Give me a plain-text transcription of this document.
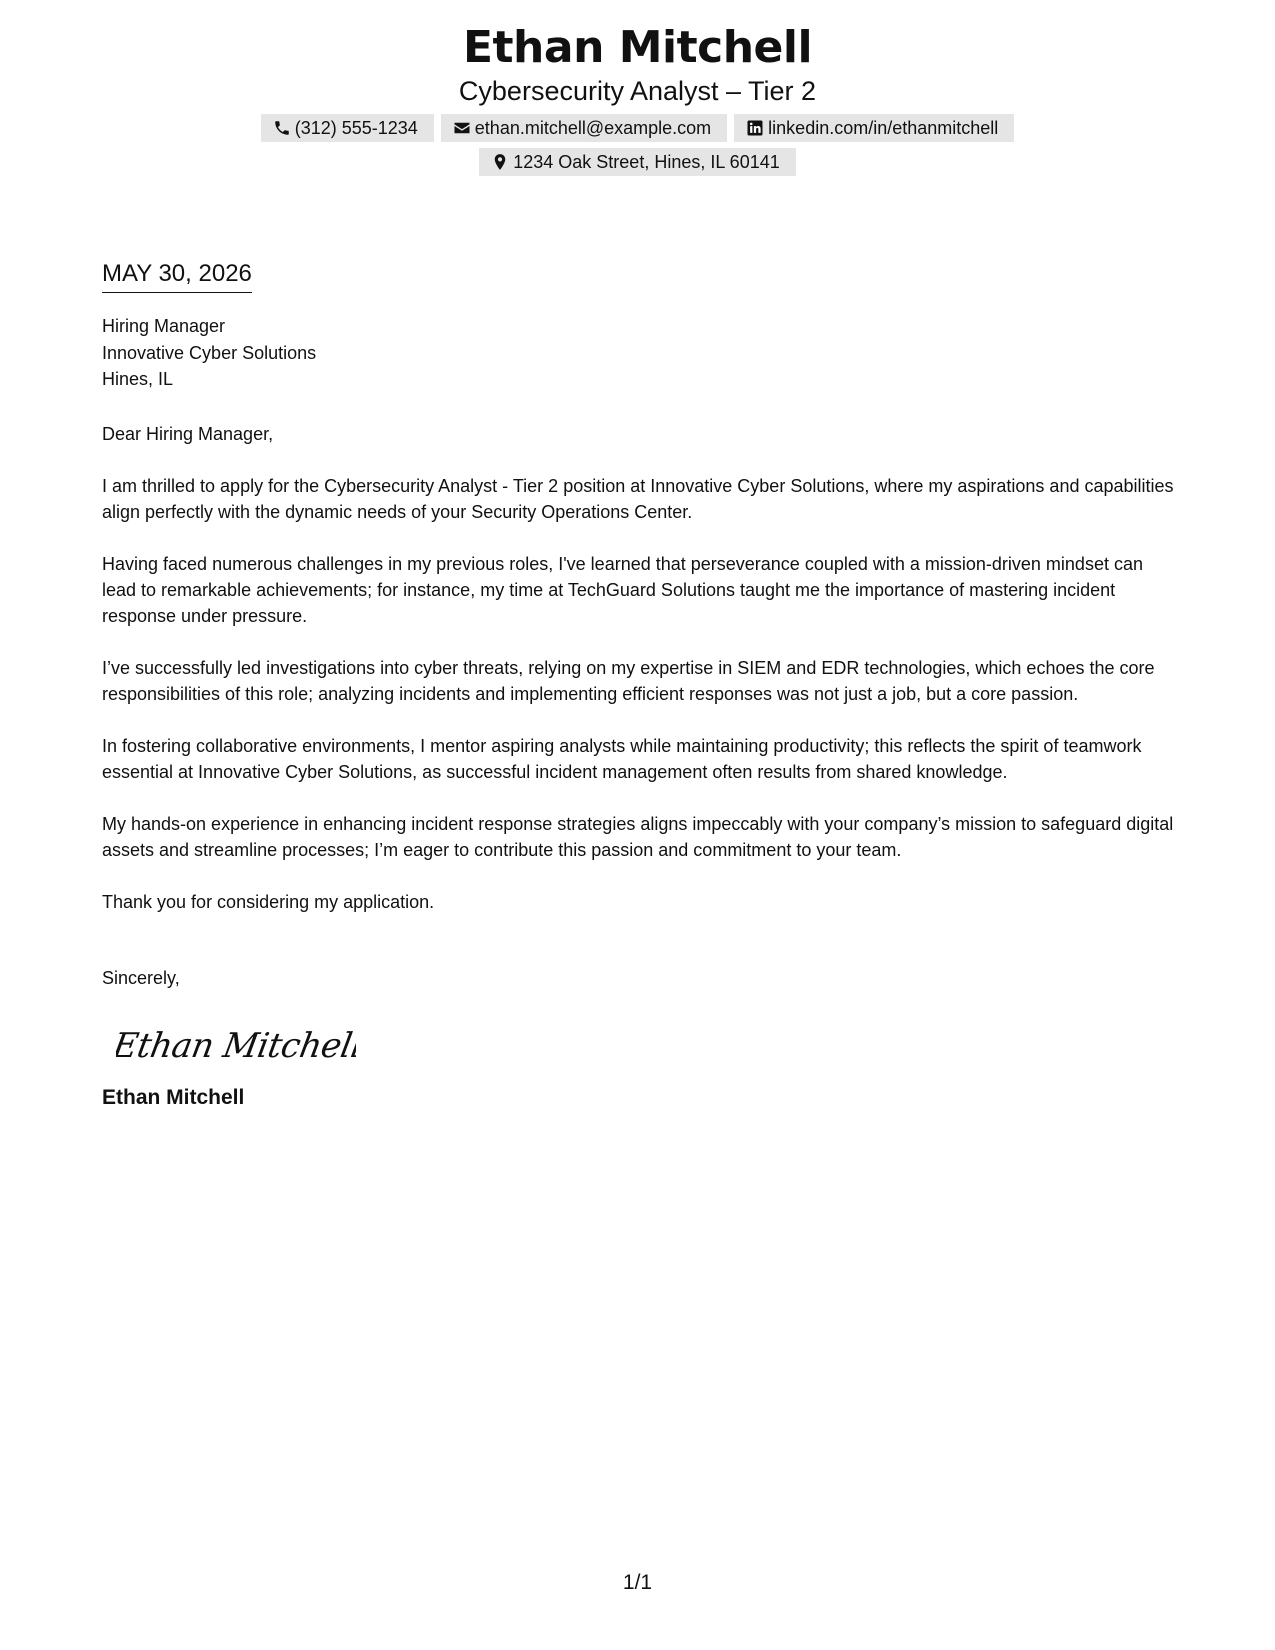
Ethan Mitchell
Cybersecurity Analyst – Tier 2
(312) 555-1234	ethan.mitchell@example.com	linkedin.com/in/ethanmitchell
1234 Oak Street, Hines, IL 60141
MAY 30, 2026
Hiring Manager
Innovative Cyber Solutions
Hines, IL
Dear Hiring Manager,
I am thrilled to apply for the Cybersecurity Analyst - Tier 2 position at Innovative Cyber Solutions, where my aspirations and capabilities align perfectly with the dynamic needs of your Security Operations Center.
Having faced numerous challenges in my previous roles, I've learned that perseverance coupled with a mission-driven mindset can lead to remarkable achievements; for instance, my time at TechGuard Solutions taught me the importance of mastering incident response under pressure.
I’ve successfully led investigations into cyber threats, relying on my expertise in SIEM and EDR technologies, which echoes the core responsibilities of this role; analyzing incidents and implementing efficient responses was not just a job, but a core passion.
In fostering collaborative environments, I mentor aspiring analysts while maintaining productivity; this reflects the spirit of teamwork essential at Innovative Cyber Solutions, as successful incident management often results from shared knowledge.
My hands-on experience in enhancing incident response strategies aligns impeccably with your company’s mission to safeguard digital assets and streamline processes; I’m eager to contribute this passion and commitment to your team.
Thank you for considering my application.
Sincerely,
Ethan Mitchell
Ethan Mitchell
1/1
